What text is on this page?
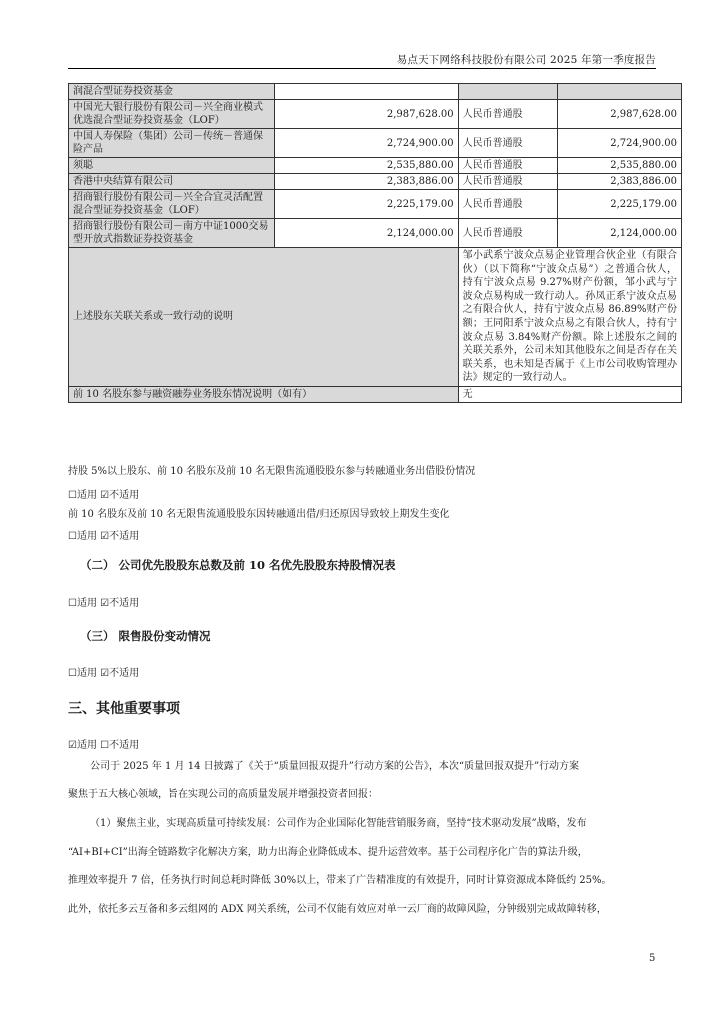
易点天下网络科技股份有限公司 2025 年第一季度报告
润混合型证券投资基金			
中国光大银行股份有限公司－兴全商业模式优选混合型证券投资基金（LOF）	2,987,628.00	人民币普通股	2,987,628.00
中国人寿保险（集团）公司－传统－普通保险产品	2,724,900.00	人民币普通股	2,724,900.00
须聪	2,535,880.00	人民币普通股	2,535,880.00
香港中央结算有限公司	2,383,886.00	人民币普通股	2,383,886.00
招商银行股份有限公司－兴全合宜灵活配置混合型证券投资基金（LOF）	2,225,179.00	人民币普通股	2,225,179.00
招商银行股份有限公司－南方中证1000交易型开放式指数证券投资基金	2,124,000.00	人民币普通股	2,124,000.00
上述股东关联关系或一致行动的说明		邹小武系宁波众点易企业管理合伙企业（有限合伙）（以下简称“宁波众点易”）之普通合伙人，持有宁波众点易 9.27%财产份额，邹小武与宁波众点易构成一致行动人。孙凤正系宁波众点易之有限合伙人，持有宁波众点易 86.89%财产份额；王同阳系宁波众点易之有限合伙人，持有宁波众点易 3.84%财产份额。除上述股东之间的关联关系外，公司未知其他股东之间是否存在关联关系，也未知是否属于《上市公司收购管理办法》规定的一致行动人。	
前 10 名股东参与融资融券业务股东情况说明（如有）		无	
持股 5%以上股东、前 10 名股东及前 10 名无限售流通股股东参与转融通业务出借股份情况
☐适用 ☑不适用
前 10 名股东及前 10 名无限售流通股股东因转融通出借/归还原因导致较上期发生变化
☐适用 ☑不适用
（二） 公司优先股股东总数及前 10 名优先股股东持股情况表
☐适用 ☑不适用
（三） 限售股份变动情况
☐适用 ☑不适用
三、其他重要事项
☑适用 ☐不适用
公司于 2025 年 1 月 14 日披露了《关于“质量回报双提升”行动方案的公告》，本次“质量回报双提升”行动方案
聚焦于五大核心领域，旨在实现公司的高质量发展并增强投资者回报：
（1）聚焦主业，实现高质量可持续发展：公司作为企业国际化智能营销服务商，坚持“技术驱动发展”战略，发布
“AI+BI+CI”出海全链路数字化解决方案，助力出海企业降低成本、提升运营效率。基于公司程序化广告的算法升级，
推理效率提升 7 倍，任务执行时间总耗时降低 30%以上，带来了广告精准度的有效提升，同时计算资源成本降低约 25%。
此外，依托多云互备和多云组网的 ADX 网关系统，公司不仅能有效应对单一云厂商的故障风险，分钟级别完成故障转移，
5
